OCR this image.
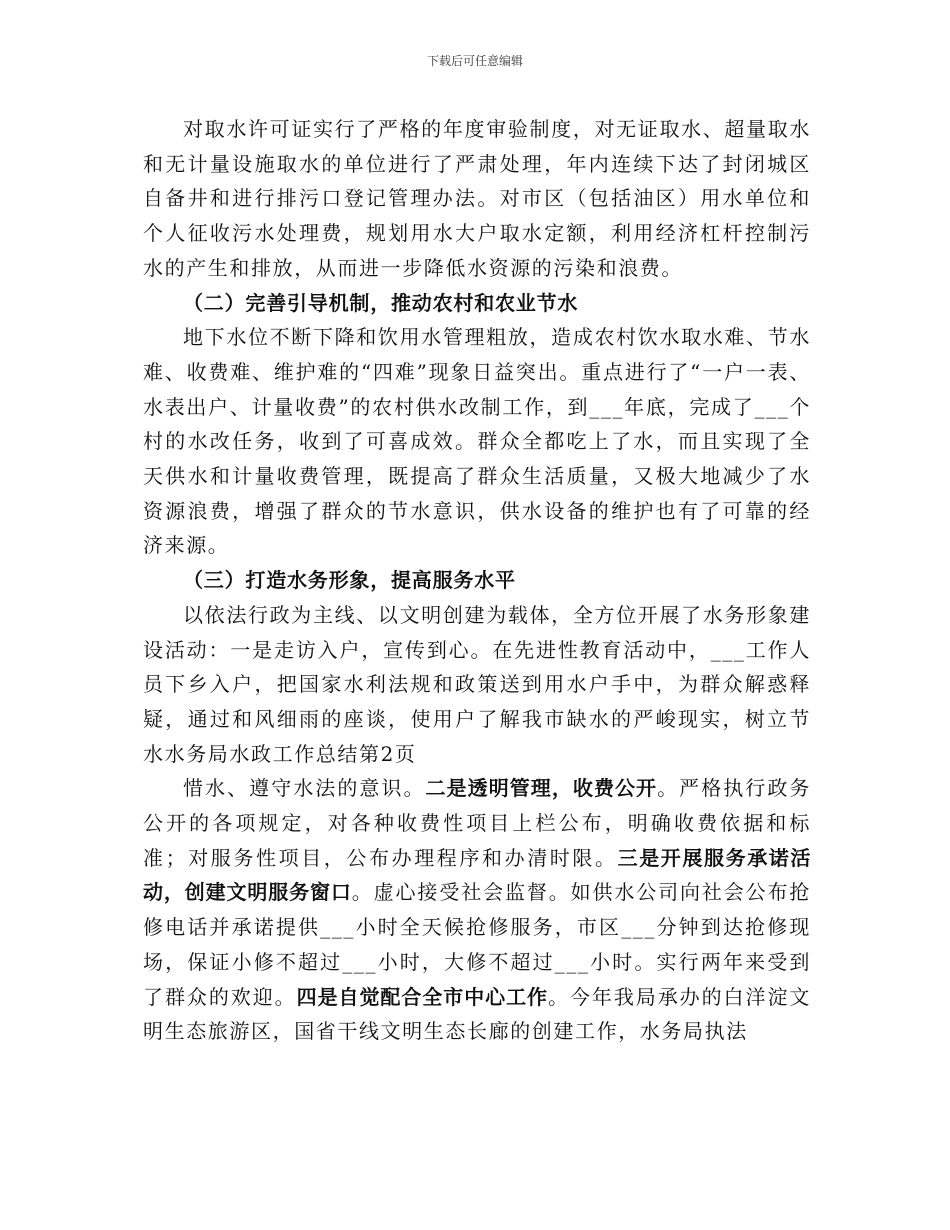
下载后可任意编辑

对取水许可证实行了严格的年度审验制度，对无证取水、超量取水和无计量设施取水的单位进行了严肃处理，年内连续下达了封闭城区自备井和进行排污口登记管理办法。对市区（包括油区）用水单位和个人征收污水处理费，规划用水大户取水定额，利用经济杠杆控制污水的产生和排放，从而进一步降低水资源的污染和浪费。

（二）完善引导机制，推动农村和农业节水

地下水位不断下降和饮用水管理粗放，造成农村饮水取水难、节水难、收费难、维护难的“四难”现象日益突出。重点进行了“一户一表、水表出户、计量收费”的农村供水改制工作，到___年底，完成了___个村的水改任务，收到了可喜成效。群众全都吃上了水，而且实现了全天供水和计量收费管理，既提高了群众生活质量，又极大地减少了水资源浪费，增强了群众的节水意识，供水设备的维护也有了可靠的经济来源。

（三）打造水务形象，提高服务水平

以依法行政为主线、以文明创建为载体，全方位开展了水务形象建设活动：一是走访入户，宣传到心。在先进性教育活动中，___工作人员下乡入户，把国家水利法规和政策送到用水户手中，为群众解惑释疑，通过和风细雨的座谈，使用户了解我市缺水的严峻现实，树立节水水务局水政工作总结第2页

惜水、遵守水法的意识。二是透明管理，收费公开。严格执行政务公开的各项规定，对各种收费性项目上栏公布，明确收费依据和标准；对服务性项目，公布办理程序和办清时限。三是开展服务承诺活动，创建文明服务窗口。虚心接受社会监督。如供水公司向社会公布抢修电话并承诺提供___小时全天候抢修服务，市区___分钟到达抢修现场，保证小修不超过___小时，大修不超过___小时。实行两年来受到了群众的欢迎。四是自觉配合全市中心工作。今年我局承办的白洋淀文明生态旅游区，国省干线文明生态长廊的创建工作，水务局执法
